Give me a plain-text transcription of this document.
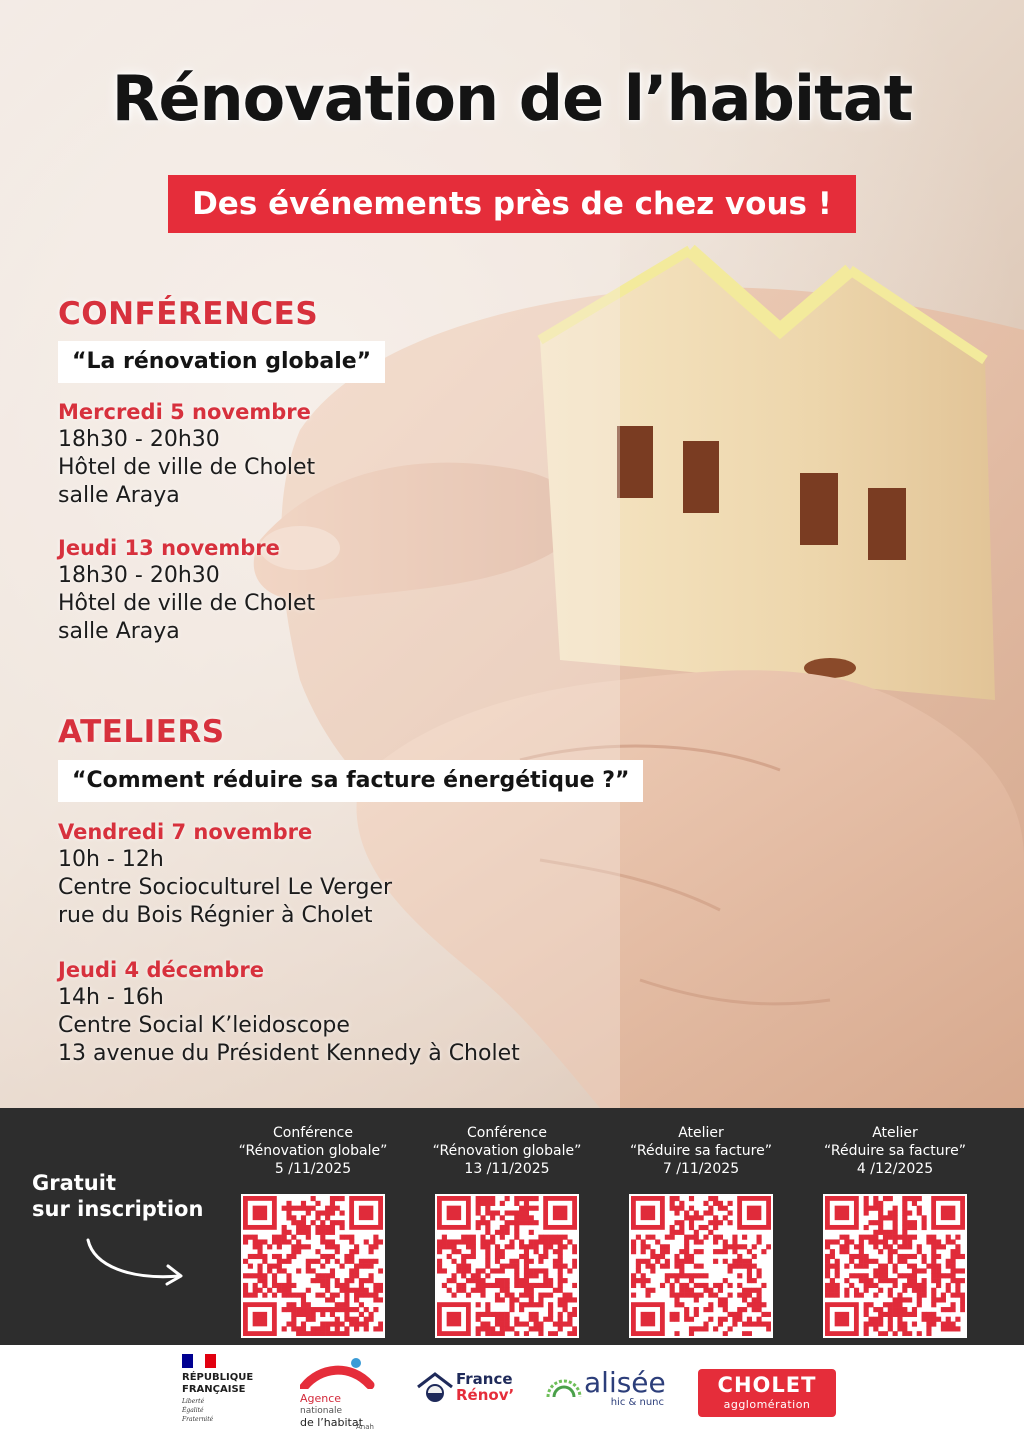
Rénovation de l’habitat
Des événements près de chez vous !
CONFÉRENCES
“La rénovation globale”
Mercredi 5 novembre
18h30 - 20h30
Hôtel de ville de Cholet
salle Araya
Jeudi 13 novembre
18h30 - 20h30
Hôtel de ville de Cholet
salle Araya
ATELIERS
“Comment réduire sa facture énergétique ?”
Vendredi 7 novembre
10h - 12h
Centre Socioculturel Le Verger
rue du Bois Régnier à Cholet
Jeudi 4 décembre
14h - 16h
Centre Social K’leidoscope
13 avenue du Président Kennedy à Cholet
Gratuit
sur inscription
Conférence
“Rénovation globale”
5 /11/2025
Conférence
“Rénovation globale”
13 /11/2025
Atelier
“Réduire sa facture”
7 /11/2025
Atelier
“Réduire sa facture”
4 /12/2025
RÉPUBLIQUE
FRANÇAISE
Liberté
Égalité
Fraternité
Agence
nationale
de l’habitat
Anah
France
Rénov’	alisée
hic & nunc
CHOLET
agglomération
